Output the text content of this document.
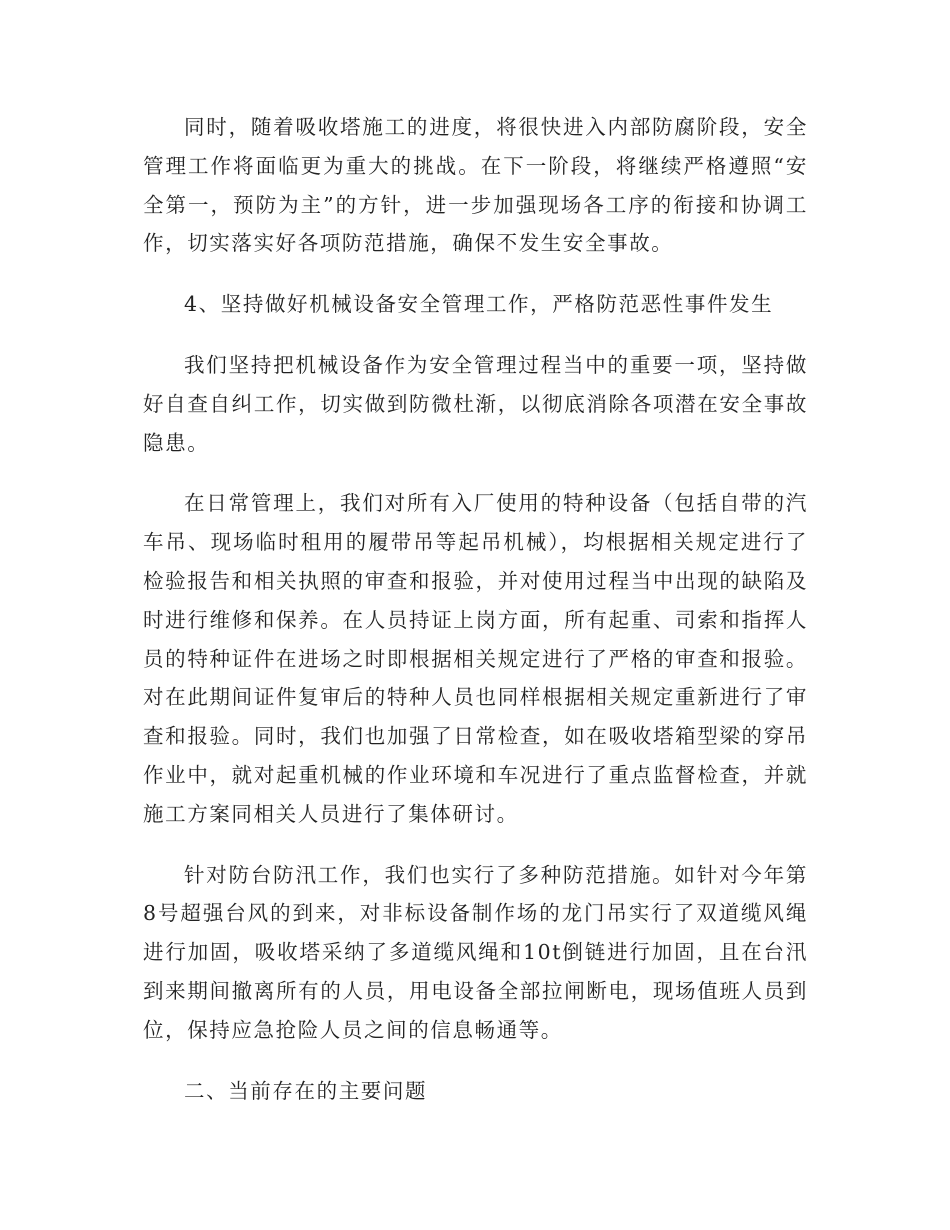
同时，随着吸收塔施工的进度，将很快进入内部防腐阶段，安全管理工作将面临更为重大的挑战。在下一阶段，将继续严格遵照“安全第一，预防为主”的方针，进一步加强现场各工序的衔接和协调工作，切实落实好各项防范措施，确保不发生安全事故。

4、坚持做好机械设备安全管理工作，严格防范恶性事件发生

我们坚持把机械设备作为安全管理过程当中的重要一项，坚持做好自查自纠工作，切实做到防微杜渐，以彻底消除各项潜在安全事故隐患。

在日常管理上，我们对所有入厂使用的特种设备（包括自带的汽车吊、现场临时租用的履带吊等起吊机械），均根据相关规定进行了检验报告和相关执照的审查和报验，并对使用过程当中出现的缺陷及时进行维修和保养。在人员持证上岗方面，所有起重、司索和指挥人员的特种证件在进场之时即根据相关规定进行了严格的审查和报验。对在此期间证件复审后的特种人员也同样根据相关规定重新进行了审查和报验。同时，我们也加强了日常检查，如在吸收塔箱型梁的穿吊作业中，就对起重机械的作业环境和车况进行了重点监督检查，并就施工方案同相关人员进行了集体研讨。

针对防台防汛工作，我们也实行了多种防范措施。如针对今年第8号超强台风的到来，对非标设备制作场的龙门吊实行了双道缆风绳进行加固，吸收塔采纳了多道缆风绳和10t倒链进行加固，且在台汛到来期间撤离所有的人员，用电设备全部拉闸断电，现场值班人员到位，保持应急抢险人员之间的信息畅通等。

二、当前存在的主要问题
